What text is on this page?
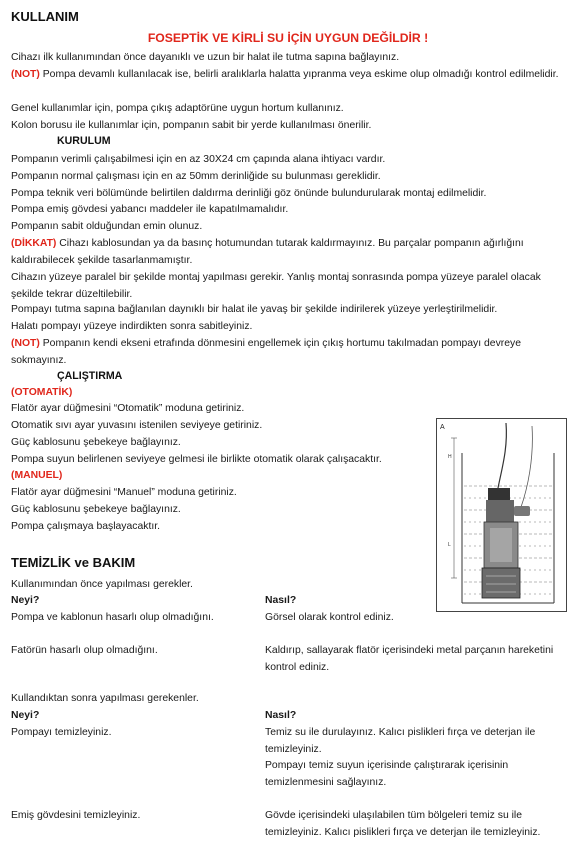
KULLANIM
FOSEPTİK VE KİRLİ SU İÇİN UYGUN DEĞİLDİR !

Cihazı ilk kullanımından önce dayanıklı ve uzun bir halat ile tutma sapına bağlayınız.

(NOT) Pompa devamlı kullanılacak ise, belirli aralıklarla halatta yıpranma veya eskime olup olmadığı kontrol edilmelidir.

Genel kullanımlar için, pompa çıkış adaptörüne uygun hortum kullanınız.

Kolon borusu ile kullanımlar için, pompanın sabit bir yerde kullanılması önerilir.

KURULUM

Pompanın verimli çalışabilmesi için en az 30X24 cm çapında alana ihtiyacı vardır.

Pompanın normal çalışması için en az 50mm derinliğide su bulunması gereklidir.

Pompa teknik veri bölümünde belirtilen daldırma derinliği göz önünde bulundurularak montaj edilmelidir.

Pompa emiş gövdesi yabancı maddeler ile kapatılmamalıdır.

Pompanın sabit olduğundan emin olunuz.

(DİKKAT) Cihazı kablosundan ya da basınç hotumundan tutarak kaldırmayınız. Bu parçalar pompanın ağırlığını kaldırabilecek şekilde tasarlanmamıştır.

Cihazın yüzeye paralel bir şekilde montaj yapılması gerekir. Yanlış montaj sonrasında pompa yüzeye paralel olacak şekilde tekrar düzeltilebilir.

Pompayı tutma sapına bağlanılan daynıklı bir halat ile yavaş bir şekilde indirilerek yüzeye yerleştirilmelidir.

Halatı pompayı yüzeye indirdikten sonra sabitleyiniz.

(NOT) Pompanın kendi ekseni etrafında dönmesini engellemek için çıkış hortumu takılmadan pompayı devreye sokmayınız.

ÇALIŞTIRMA

(OTOMATİK)

Flatör ayar düğmesini “Otomatik” moduna getiriniz.

Otomatik sıvı ayar yuvasını istenilen seviyeye getiriniz.

Güç kablosunu şebekeye bağlayınız.

Pompa suyun belirlenen seviyeye gelmesi ile birlikte otomatik olarak çalışacaktır.

(MANUEL)

Flatör ayar düğmesini “Manuel” moduna getiriniz.

Güç kablosunu şebekeye bağlayınız.

Pompa çalışmaya başlayacaktır.

A
H
L
TEMİZLİK ve BAKIM

Kullanımından önce yapılması gerekler.

Neyi?	Nasıl?
Pompa ve kablonun hasarlı olup olmadığını.	Görsel olarak kontrol ediniz.
Fatörün hasarlı olup olmadığını.	Kaldırıp, sallayarak flatör içerisindeki metal parçanın hareketini kontrol ediniz.

Kullandıktan sonra yapılması gerekenler.

Neyi?	Nasıl?
Pompayı temizleyiniz.	Temiz su ile durulayınız. Kalıcı pislikleri fırça ve deterjan ile temizleyiniz.
Pompayı temiz suyun içerisinde çalıştırarak içerisinin temizlenmesini sağlayınız.
Emiş gövdesini temizleyiniz.	Gövde içerisindeki ulaşılabilen tüm bölgeleri temiz su ile temizleyiniz. Kalıcı pislikleri fırça ve deterjan ile temizleyiniz.
